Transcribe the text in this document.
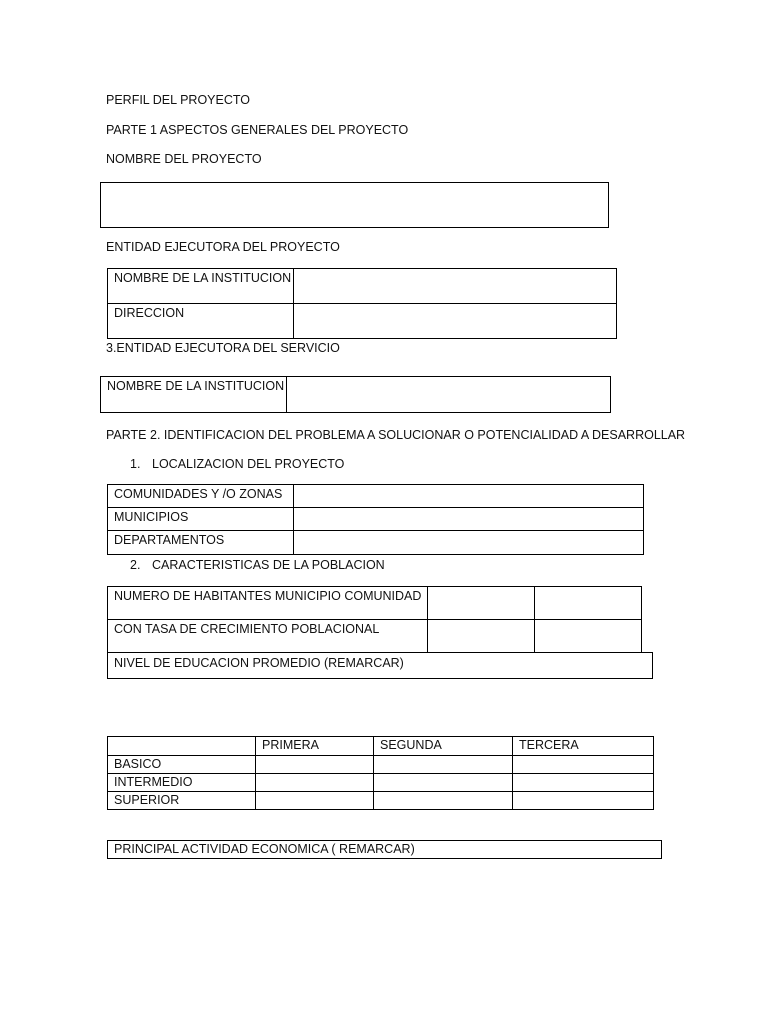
PERFIL DEL PROYECTO
PARTE 1 ASPECTOS GENERALES DEL PROYECTO
NOMBRE DEL PROYECTO
ENTIDAD EJECUTORA DEL PROYECTO
NOMBRE DE LA INSTITUCION	

DIRECCION	

3.ENTIDAD EJECUTORA DEL SERVICIO
NOMBRE DE LA INSTITUCION

PARTE 2. IDENTIFICACION DEL PROBLEMA A SOLUCIONAR O POTENCIALIDAD A DESARROLLAR
1. LOCALIZACION DEL PROYECTO
COMUNIDADES Y /O ZONAS	

MUNICIPIOS	

DEPARTAMENTOS	

2. CARACTERISTICAS DE LA POBLACION
NUMERO DE HABITANTES MUNICIPIO COMUNIDAD		

CON TASA DE CRECIMIENTO POBLACIONAL		

NIVEL DE EDUCACION PROMEDIO (REMARCAR)

	PRIMERA	SEGUNDA	TERCERA

BASICO			

INTERMEDIO			

SUPERIOR			

PRINCIPAL ACTIVIDAD ECONOMICA ( REMARCAR)
